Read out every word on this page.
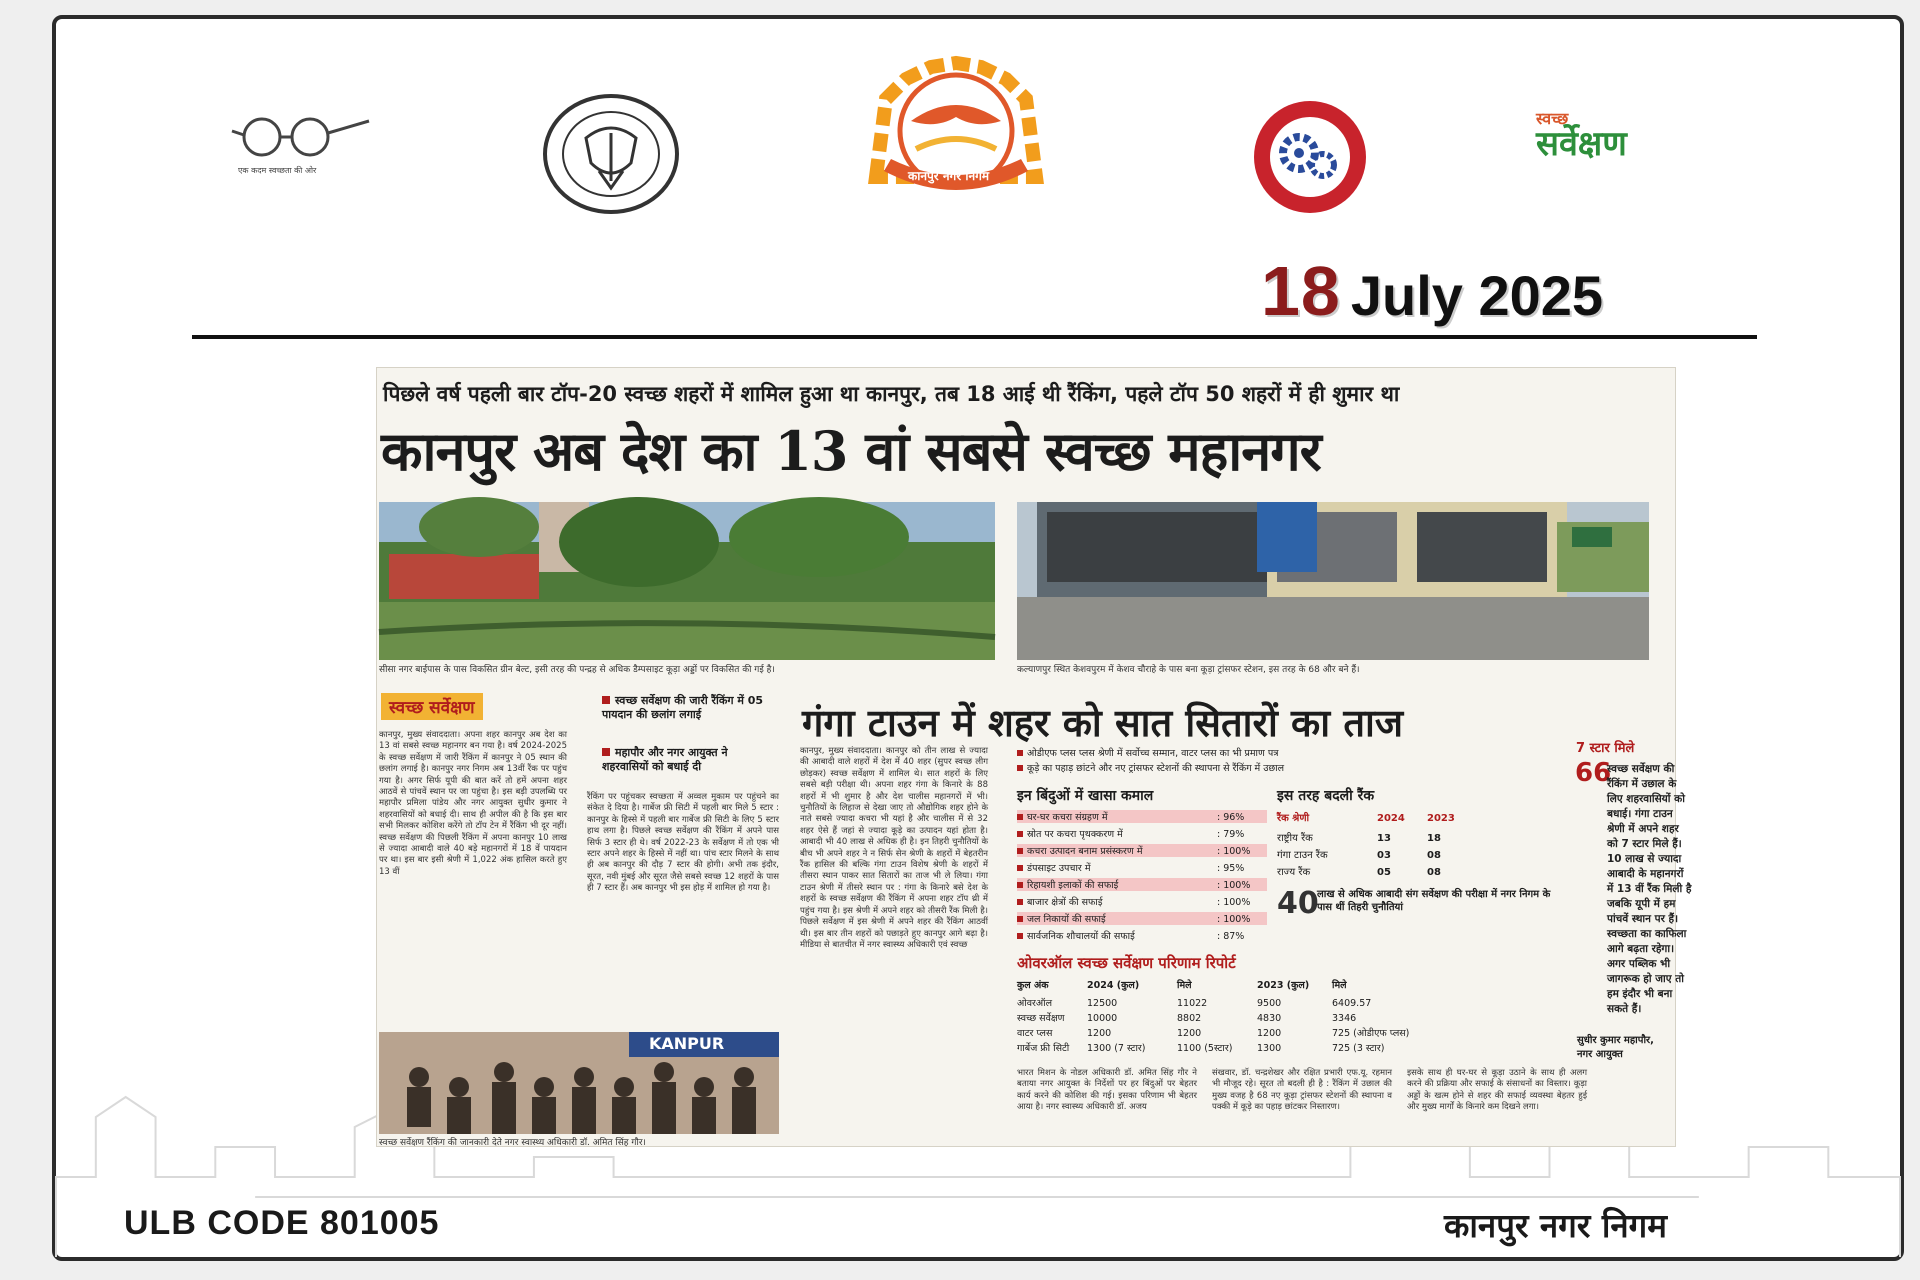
एक कदम स्वच्छता की ओर	कानपुर नगर निगम
स्वच्छ
सर्वेक्षण
18 July 2025
पिछले वर्ष पहली बार टॉप-20 स्वच्छ शहरों में शामिल हुआ था कानपुर, तब 18 आई थी रैंकिंग, पहले टॉप 50 शहरों में ही शुमार था
कानपुर अब देश का 13 वां सबसे स्वच्छ महानगर
सीसा नगर बाईपास के पास विकसित ग्रीन बेल्ट, इसी तरह की पन्द्रह से अधिक डैम्पसाइट कूड़ा अड्डों पर विकसित की गई है।	कल्याणपुर स्थित केशवपुरम में केशव चौराहे के पास बना कूड़ा ट्रांसफर स्टेशन, इस तरह के 68 और बने हैं।
स्वच्छ सर्वेक्षण	स्वच्छ सर्वेक्षण की जारी रैंकिंग में 05 पायदान की छलांग लगाई
महापौर और नगर आयुक्त ने शहरवासियों को बधाई दी
गंगा टाउन में शहर को सात सितारों का ताज
कानपुर, मुख्य संवाददाता। अपना शहर कानपुर अब देश का 13 वां सबसे स्वच्छ महानगर बन गया है। वर्ष 2024-2025 के स्वच्छ सर्वेक्षण में जारी रैंकिंग में कानपुर ने 05 स्थान की छलांग लगाई है। कानपुर नगर निगम अब 13वीं रैंक पर पहुंच गया है। अगर सिर्फ यूपी की बात करें तो हमें अपना शहर आठवें से पांचवें स्थान पर जा पहुंचा है। इस बड़ी उपलब्धि पर महापौर प्रमिला पांडेय और नगर आयुक्त सुधीर कुमार ने शहरवासियों को बधाई दी। साथ ही अपील की है कि इस बार सभी मिलकर कोशिश करेंगे तो टॉप टेन में रैंकिंग भी दूर नहीं। स्वच्छ सर्वेक्षण की पिछली रैंकिंग में अपना कानपुर 10 लाख से ज्यादा आबादी वाले 40 बड़े महानगरों में 18 वें पायदान पर था। इस बार इसी श्रेणी में 1,022 अंक हासिल करते हुए 13 वीं
रैंकिंग पर पहुंचकर स्वच्छता में अव्वल मुकाम पर पहुंचने का संकेत दे दिया है। गार्बेज फ्री सिटी में पहली बार मिले 5 स्टार : कानपुर के हिस्से में पहली बार गार्बेज फ्री सिटी के लिए 5 स्टार हाथ लगा है। पिछले स्वच्छ सर्वेक्षण की रैंकिंग में अपने पास सिर्फ 3 स्टार ही थे। वर्ष 2022-23 के सर्वेक्षण में तो एक भी स्टार अपने शहर के हिस्से में नहीं था। पांच स्टार मिलने के साथ ही अब कानपुर की दौड़ 7 स्टार की होगी। अभी तक इंदौर, सूरत, नवी मुंबई और सूरत जैसे सबसे स्वच्छ 12 शहरों के पास ही 7 स्टार हैं। अब कानपुर भी इस होड़ में शामिल हो गया है।
कानपुर, मुख्य संवाददाता। कानपुर को तीन लाख से ज्यादा की आबादी वाले शहरों में देश में 40 शहर (सुपर स्वच्छ लीग छोड़कर) स्वच्छ सर्वेक्षण में शामिल थे। सात शहरों के लिए सबसे बड़ी परीक्षा थी। अपना शहर गंगा के किनारे के 88 शहरों में भी शुमार है और देश चालीस महानगरों में भी। चुनौतियों के लिहाज से देखा जाए तो औद्योगिक शहर होने के नाते सबसे ज्यादा कचरा भी यहां है और चालीस में से 32 शहर ऐसे हैं जहां से ज्यादा कूड़े का उत्पादन यहां होता है। आबादी भी 40 लाख से अधिक ही है। इन तिहरी चुनौतियों के बीच भी अपने शहर ने न सिर्फ सेन श्रेणी के शहरों में बेहतरीन रैंक हासिल की बल्कि गंगा टाउन विशेष श्रेणी के शहरों में तीसरा स्थान पाकर सात सितारों का ताज भी ले लिया। गंगा टाउन श्रेणी में तीसरे स्थान पर : गंगा के किनारे बसे देश के शहरों के स्वच्छ सर्वेक्षण की रैंकिंग में अपना शहर टॉप थ्री में पहुंच गया है। इस श्रेणी में अपने शहर को तीसरी रैंक मिली है। पिछले सर्वेक्षण में इस श्रेणी में अपने शहर की रैंकिंग आठवीं थी। इस बार तीन शहरों को पछाड़ते हुए कानपुर आगे बढ़ा है। मीडिया से बातचीत में नगर स्वास्थ्य अधिकारी एवं स्वच्छ
KANPUR
स्वच्छ सर्वेक्षण रैंकिंग की जानकारी देते नगर स्वास्थ्य अधिकारी डॉ. अमित सिंह गौर।
ओडीएफ प्लस प्लस श्रेणी में सर्वोच्च सम्मान, वाटर प्लस का भी प्रमाण पत्र
कूड़े का पहाड़ छांटने और नए ट्रांसफर स्टेशनों की स्थापना से रैंकिंग में उछाल
इन बिंदुओं में खासा कमाल
घर-घर कचरा संग्रहण में	: 96%
स्रोत पर कचरा पृथक्करण में	: 79%
कचरा उत्पादन बनाम प्रसंस्करण में	: 100%
डंपसाइट उपचार में	: 95%
रिहायशी इलाकों की सफाई	: 100%
बाजार क्षेत्रों की सफाई	: 100%
जल निकायों की सफाई	: 100%
सार्वजनिक शौचालयों की सफाई	: 87%
इस तरह बदली रैंक
रैंक श्रेणी	2024 2023
राष्ट्रीय रैंक	13	18
गंगा टाउन रैंक	03	08
राज्य रैंक	05	08
40
लाख से अधिक आबादी संग सर्वेक्षण की परीक्षा में नगर निगम के पास थीं तिहरी चुनौतियां
ओवरऑल स्वच्छ सर्वेक्षण परिणाम रिपोर्ट
कुल अंक	2024 (कुल)	मिले	2023 (कुल) मिले
ओवरऑल	12500	11022	9500	6409.57
स्वच्छ सर्वेक्षण 10000	8802	4830	3346
वाटर प्लस	1200	1200	1200	725 (ओडीएफ प्लस)
गार्बेज फ्री सिटी 1300 (7 स्टार)	1100 (5स्टार)	1300	725 (3 स्टार)
भारत मिशन के नोडल अधिकारी डॉ. अमित सिंह गौर ने बताया नगर आयुक्त के निर्देशों पर हर बिंदुओं पर बेहतर कार्य करने की कोशिश की गई। इसका परिणाम भी बेहतर आया है। नगर स्वास्थ्य अधिकारी डॉ. अजय
संखवार, डॉ. चन्द्रशेखर और रक्षित प्रभारी एफ.यू. रहमान भी मौजूद रहे। सूरत तो बदली ही है : रैंकिंग में उछाल की मुख्य वजह है 68 नए कूड़ा ट्रांसफर स्टेशनों की स्थापना व पक्की में कूड़े का पहाड़ छांटकर निस्तारण।
इसके साथ ही घर-घर से कूड़ा उठाने के साथ ही अलग करने की प्रक्रिया और सफाई के संसाधनों का विस्तार। कूड़ा अड्डों के खत्म होने से शहर की सफाई व्यवस्था बेहतर हुई और मुख्य मार्गों के किनारे कम दिखने लगा।
7 स्टार मिले
66
स्वच्छ सर्वेक्षण की रैंकिंग में उछाल के लिए शहरवासियों को बधाई। गंगा टाउन श्रेणी में अपने शहर को 7 स्टार मिले हैं। 10 लाख से ज्यादा आबादी के महानगरों में 13 वीं रैंक मिली है जबकि यूपी में हम पांचवें स्थान पर हैं। स्वच्छता का काफिला आगे बढ़ता रहेगा। अगर पब्लिक भी जागरूक हो जाए तो हम इंदौर भी बना सकते हैं।
सुधीर कुमार महापौर, नगर आयुक्त
ULB CODE 801005	कानपुर नगर निगम
